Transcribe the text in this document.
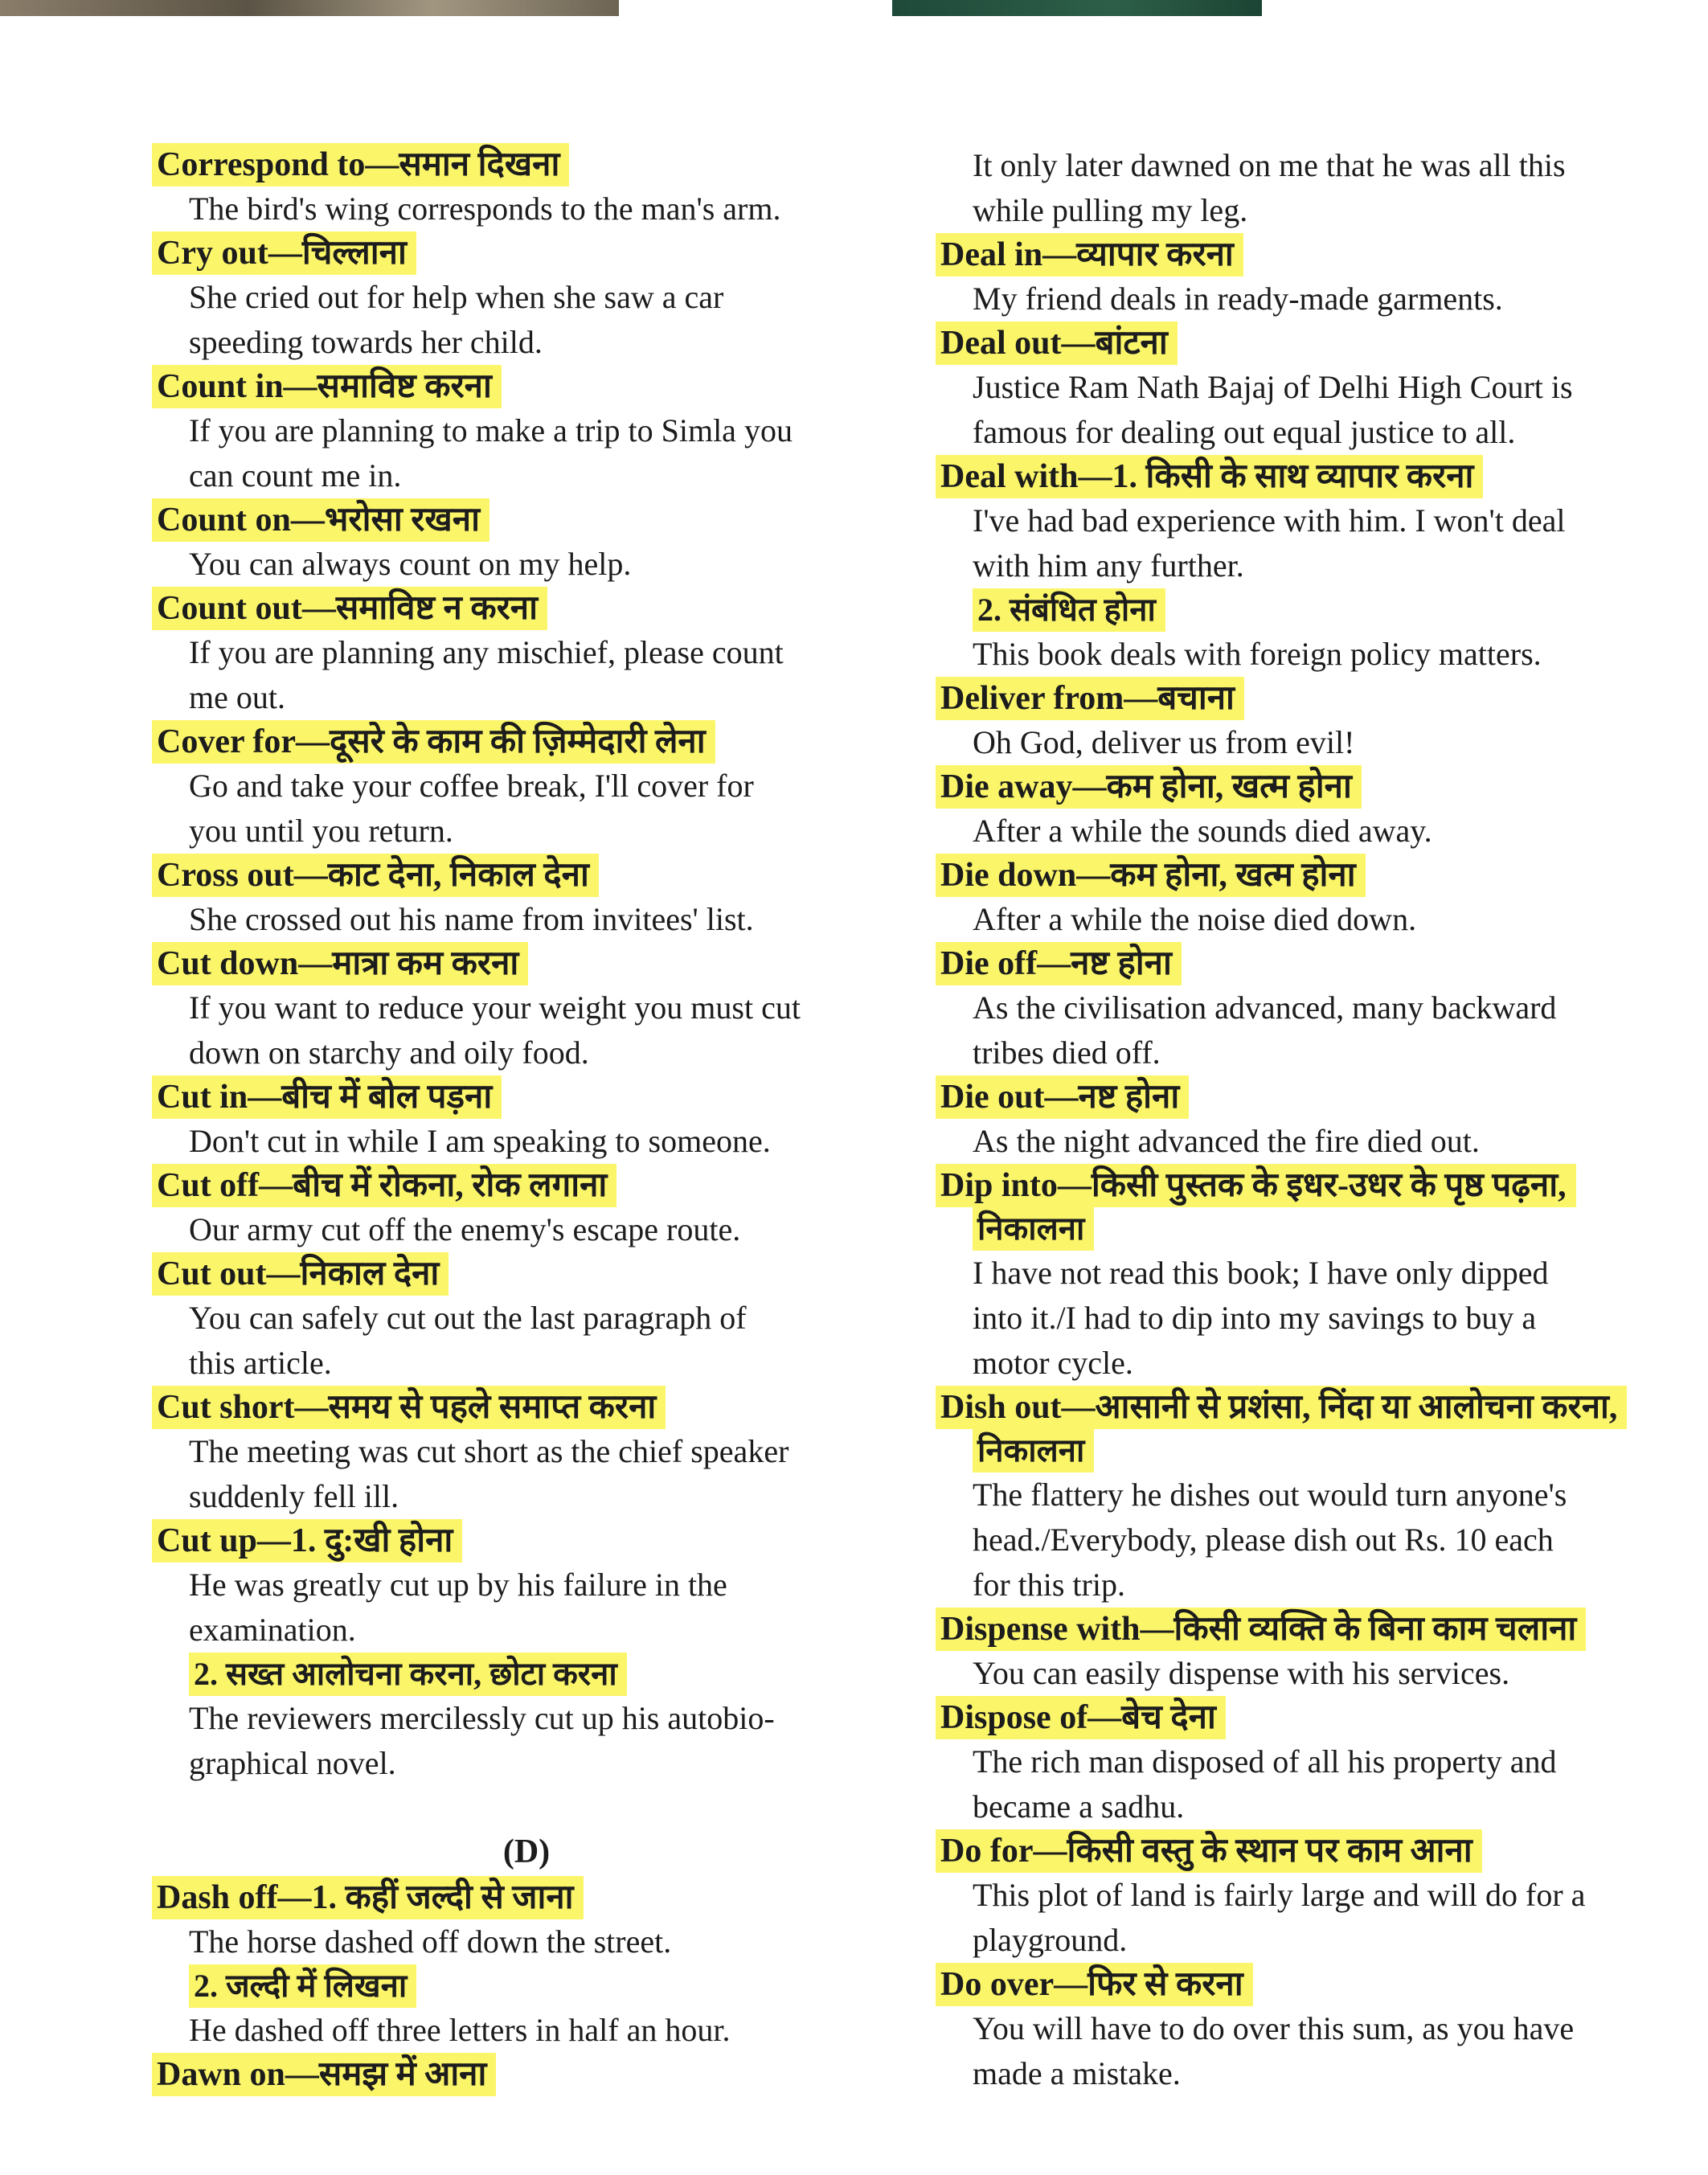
Correspond to—समान दिखना
The bird's wing corresponds to the man's arm.
Cry out—चिल्लाना
She cried out for help when she saw a car
speeding towards her child.
Count in—समाविष्ट करना
If you are planning to make a trip to Simla you
can count me in.
Count on—भरोसा रखना
You can always count on my help.
Count out—समाविष्ट न करना
If you are planning any mischief, please count
me out.
Cover for—दूसरे के काम की ज़िम्मेदारी लेना
Go and take your coffee break, I'll cover for
you until you return.
Cross out—काट देना, निकाल देना
She crossed out his name from invitees' list.
Cut down—मात्रा कम करना
If you want to reduce your weight you must cut
down on starchy and oily food.
Cut in—बीच में बोल पड़ना
Don't cut in while I am speaking to someone.
Cut off—बीच में रोकना, रोक लगाना
Our army cut off the enemy's escape route.
Cut out—निकाल देना
You can safely cut out the last paragraph of
this article.
Cut short—समय से पहले समाप्त करना
The meeting was cut short as the chief speaker
suddenly fell ill.
Cut up—1. दु:खी होना
He was greatly cut up by his failure in the
examination.
2. सख्त आलोचना करना, छोटा करना
The reviewers mercilessly cut up his autobio-
graphical novel.
(D)
Dash off—1. कहीं जल्दी से जाना
The horse dashed off down the street.
2. जल्दी में लिखना
He dashed off three letters in half an hour.
Dawn on—समझ में आना
It only later dawned on me that he was all this
while pulling my leg.
Deal in—व्यापार करना
My friend deals in ready-made garments.
Deal out—बांटना
Justice Ram Nath Bajaj of Delhi High Court is
famous for dealing out equal justice to all.
Deal with—1. किसी के साथ व्यापार करना
I've had bad experience with him. I won't deal
with him any further.
2. संबंधित होना
This book deals with foreign policy matters.
Deliver from—बचाना
Oh God, deliver us from evil!
Die away—कम होना, खत्म होना
After a while the sounds died away.
Die down—कम होना, खत्म होना
After a while the noise died down.
Die off—नष्ट होना
As the civilisation advanced, many backward
tribes died off.
Die out—नष्ट होना
As the night advanced the fire died out.
Dip into—किसी पुस्तक के इधर-उधर के पृष्ठ पढ़ना,
निकालना
I have not read this book; I have only dipped
into it./I had to dip into my savings to buy a
motor cycle.
Dish out—आसानी से प्रशंसा, निंदा या आलोचना करना,
निकालना
The flattery he dishes out would turn anyone's
head./Everybody, please dish out Rs. 10 each
for this trip.
Dispense with—किसी व्यक्ति के बिना काम चलाना
You can easily dispense with his services.
Dispose of—बेच देना
The rich man disposed of all his property and
became a sadhu.
Do for—किसी वस्तु के स्थान पर काम आना
This plot of land is fairly large and will do for a
playground.
Do over—फिर से करना
You will have to do over this sum, as you have
made a mistake.
